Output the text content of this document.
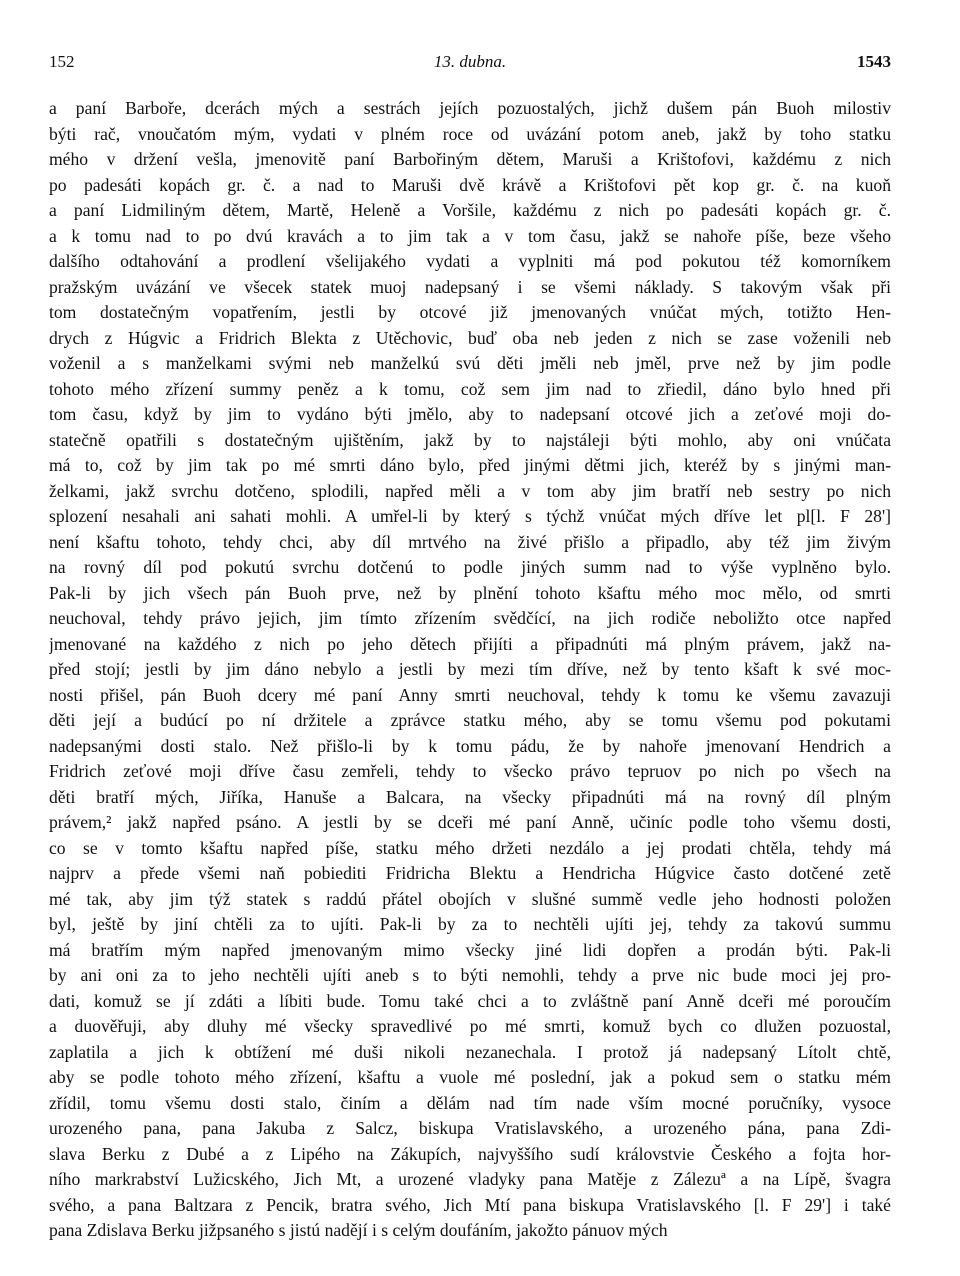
152	13. dubna.	1543
a paní Barboře, dcerách mých a sestrách jejích pozuostalých, jichž dušem pán Buoh milostiv
býti rač, vnoučatóm mým, vydati v plném roce od uvázání potom aneb, jakž by toho statku
mého v držení vešla, jmenovitě paní Barbořiným dětem, Maruši a Krištofovi, každému z nich
po padesáti kopách gr. č. a nad to Maruši dvě krávě a Krištofovi pět kop gr. č. na kuoň
a paní Lidmiliným dětem, Martě, Heleně a Voršile, každému z nich po padesáti kopách gr. č.
a k tomu nad to po dvú kravách a to jim tak a v tom času, jakž se nahoře píše, beze všeho
dalšího odtahování a prodlení všelijakého vydati a vyplniti má pod pokutou též komorníkem
pražským uvázání ve všecek statek muoj nadepsaný i se všemi náklady. S takovým však při
tom dostatečným vopatřením, jestli by otcové již jmenovaných vnúčat mých, totižto Hen-
drych z Húgvic a Fridrich Blekta z Utěchovic, buď oba neb jeden z nich se zase voženili neb
voženil a s manželkami svými neb manželkú svú děti jměli neb jměl, prve než by jim podle
tohoto mého zřízení summy peněz a k tomu, což sem jim nad to zřiedil, dáno bylo hned při
tom času, když by jim to vydáno býti jmělo, aby to nadepsaní otcové jich a zeťové moji do-
statečně opatřili s dostatečným ujištěním, jakž by to najstáleji býti mohlo, aby oni vnúčata
má to, což by jim tak po mé smrti dáno bylo, před jinými dětmi jich, kteréž by s jinými man-
želkami, jakž svrchu dotčeno, splodili, napřed měli a v tom aby jim bratří neb sestry po nich
splození nesahali ani sahati mohli. A umřel-li by který s týchž vnúčat mých dříve let pl[l. F 28']
není kšaftu tohoto, tehdy chci, aby díl mrtvého na živé přišlo a připadlo, aby též jim živým
na rovný díl pod pokutú svrchu dotčenú to podle jiných summ nad to výše vyplněno bylo.
Pak-li by jich všech pán Buoh prve, než by plnění tohoto kšaftu mého moc mělo, od smrti
neuchoval, tehdy právo jejich, jim tímto zřízením svědčící, na jich rodiče neboližto otce napřed
jmenované na každého z nich po jeho dětech přijíti a připadnúti má plným právem, jakž na-
před stojí; jestli by jim dáno nebylo a jestli by mezi tím dříve, než by tento kšaft k své moc-
nosti přišel, pán Buoh dcery mé paní Anny smrti neuchoval, tehdy k tomu ke všemu zavazuji
děti její a budúcí po ní držitele a zprávce statku mého, aby se tomu všemu pod pokutami
nadepsanými dosti stalo. Než přišlo-li by k tomu pádu, že by nahoře jmenovaní Hendrich a
Fridrich zeťové moji dříve času zemřeli, tehdy to všecko právo tepruov po nich po všech na
děti bratří mých, Jiříka, Hanuše a Balcara, na všecky připadnúti má na rovný díl plným
právem,² jakž napřed psáno. A jestli by se dceři mé paní Anně, učiníc podle toho všemu dosti,
co se v tomto kšaftu napřed píše, statku mého držeti nezdálo a jej prodati chtěla, tehdy má
najprv a přede všemi naň pobiediti Fridricha Blektu a Hendricha Húgvice často dotčené zetě
mé tak, aby jim týž statek s raddú přátel obojích v slušné summě vedle jeho hodnosti položen
byl, ještě by jiní chtěli za to ujíti. Pak-li by za to nechtěli ujíti jej, tehdy za takovú summu
má bratřím mým napřed jmenovaným mimo všecky jiné lidi dopřen a prodán býti. Pak-li
by ani oni za to jeho nechtěli ujíti aneb s to býti nemohli, tehdy a prve nic bude moci jej pro-
dati, komuž se jí zdáti a líbiti bude. Tomu také chci a to zvláštně paní Anně dceři mé poroučím
a duověřuji, aby dluhy mé všecky spravedlivé po mé smrti, komuž bych co dlužen pozuostal,
zaplatila a jich k obtížení mé duši nikoli nezanechala. I protož já nadepsaný Lítolt chtě,
aby se podle tohoto mého zřízení, kšaftu a vuole mé poslední, jak a pokud sem o statku mém
zřídil, tomu všemu dosti stalo, činím a dělám nad tím nade vším mocné poručníky, vysoce
urozeného pana, pana Jakuba z Salcz, biskupa Vratislavského, a urozeného pána, pana Zdi-
slava Berku z Dubé a z Lipého na Zákupích, najvyššího sudí královstvie Českého a fojta hor-
ního markrabství Lužicského, Jich Mt, a urozené vladyky pana Matěje z Zálezuª a na Lípě, švagra
svého, a pana Baltzara z Pencik, bratra svého, Jich Mtí pana biskupa Vratislavského [l. F 29'] i také
pana Zdislava Berku jižpsaného s jistú nadějí i s celým doufáním, jakožto pánuov mých
